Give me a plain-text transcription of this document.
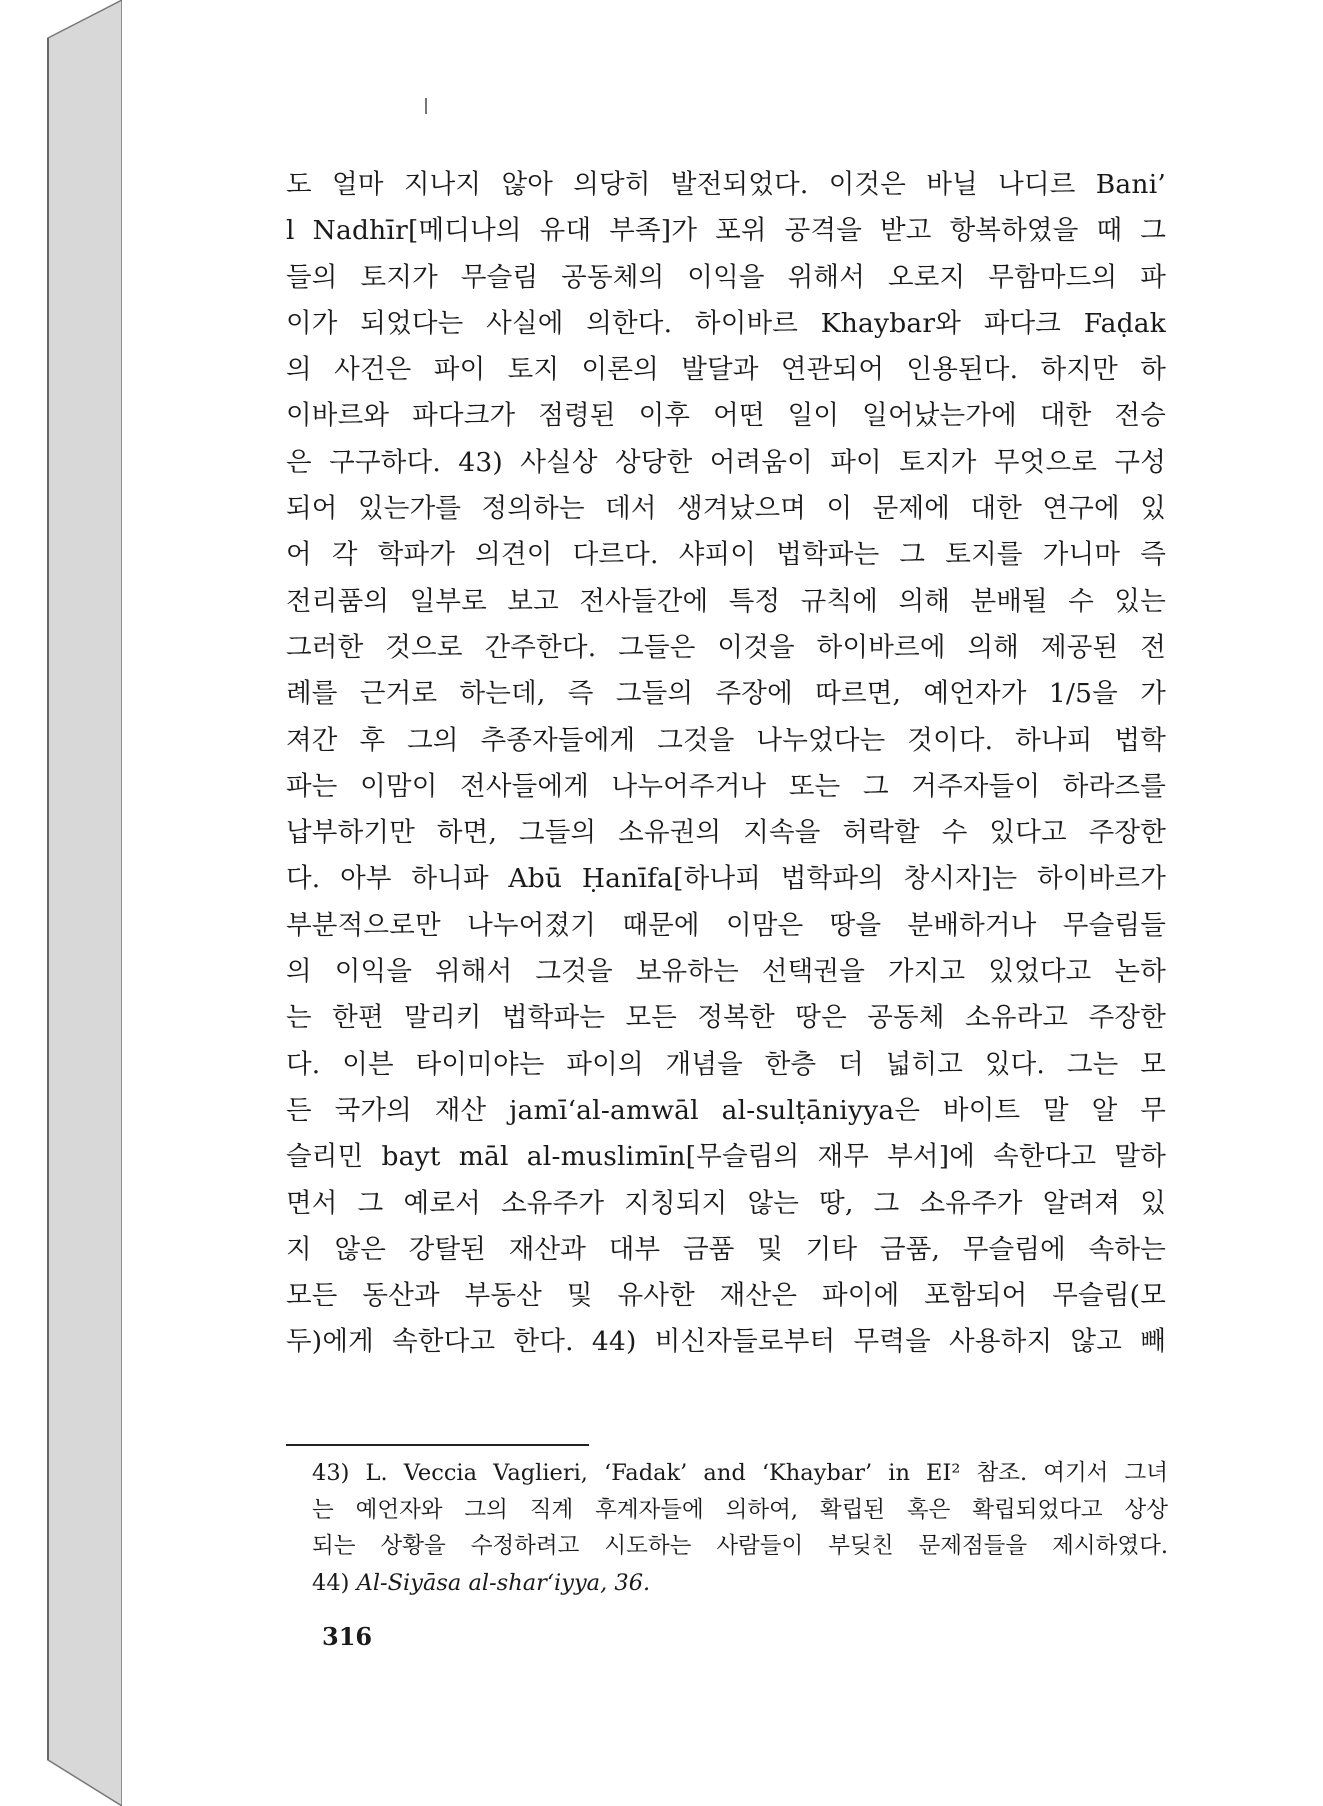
도 얼마 지나지 않아 의당히 발전되었다. 이것은 바닐 나디르 Bani’
l Nadhīr[메디나의 유대 부족]가 포위 공격을 받고 항복하였을 때 그
들의 토지가 무슬림 공동체의 이익을 위해서 오로지 무함마드의 파
이가 되었다는 사실에 의한다. 하이바르 Khaybar와 파다크 Faḍak
의 사건은 파이 토지 이론의 발달과 연관되어 인용된다. 하지만 하
이바르와 파다크가 점령된 이후 어떤 일이 일어났는가에 대한 전승
은 구구하다. 43) 사실상 상당한 어려움이 파이 토지가 무엇으로 구성
되어 있는가를 정의하는 데서 생겨났으며 이 문제에 대한 연구에 있
어 각 학파가 의견이 다르다. 샤피이 법학파는 그 토지를 가니마 즉
전리품의 일부로 보고 전사들간에 특정 규칙에 의해 분배될 수 있는
그러한 것으로 간주한다. 그들은 이것을 하이바르에 의해 제공된 전
례를 근거로 하는데, 즉 그들의 주장에 따르면, 예언자가 1/5을 가
져간 후 그의 추종자들에게 그것을 나누었다는 것이다. 하나피 법학
파는 이맘이 전사들에게 나누어주거나 또는 그 거주자들이 하라즈를
납부하기만 하면, 그들의 소유권의 지속을 허락할 수 있다고 주장한
다. 아부 하니파 Abū Ḥanīfa[하나피 법학파의 창시자]는 하이바르가
부분적으로만 나누어졌기 때문에 이맘은 땅을 분배하거나 무슬림들
의 이익을 위해서 그것을 보유하는 선택권을 가지고 있었다고 논하
는 한편 말리키 법학파는 모든 정복한 땅은 공동체 소유라고 주장한
다. 이븐 타이미야는 파이의 개념을 한층 더 넓히고 있다. 그는 모
든 국가의 재산 jamī‘al-amwāl al-sulṭāniyya은 바이트 말 알 무
슬리민 bayt māl al-muslimīn[무슬림의 재무 부서]에 속한다고 말하
면서 그 예로서 소유주가 지칭되지 않는 땅, 그 소유주가 알려져 있
지 않은 강탈된 재산과 대부 금품 및 기타 금품, 무슬림에 속하는
모든 동산과 부동산 및 유사한 재산은 파이에 포함되어 무슬림(모
두)에게 속한다고 한다. 44) 비신자들로부터 무력을 사용하지 않고 빼
43) L. Veccia Vaglieri, ‘Fadak’ and ‘Khaybar’ in EI² 참조. 여기서 그녀
는 예언자와 그의 직계 후계자들에 의하여, 확립된 혹은 확립되었다고 상상
되는 상황을 수정하려고 시도하는 사람들이 부딪친 문제점들을 제시하였다.
44) Al-Siyāsa al-shar‘iyya, 36.
316
